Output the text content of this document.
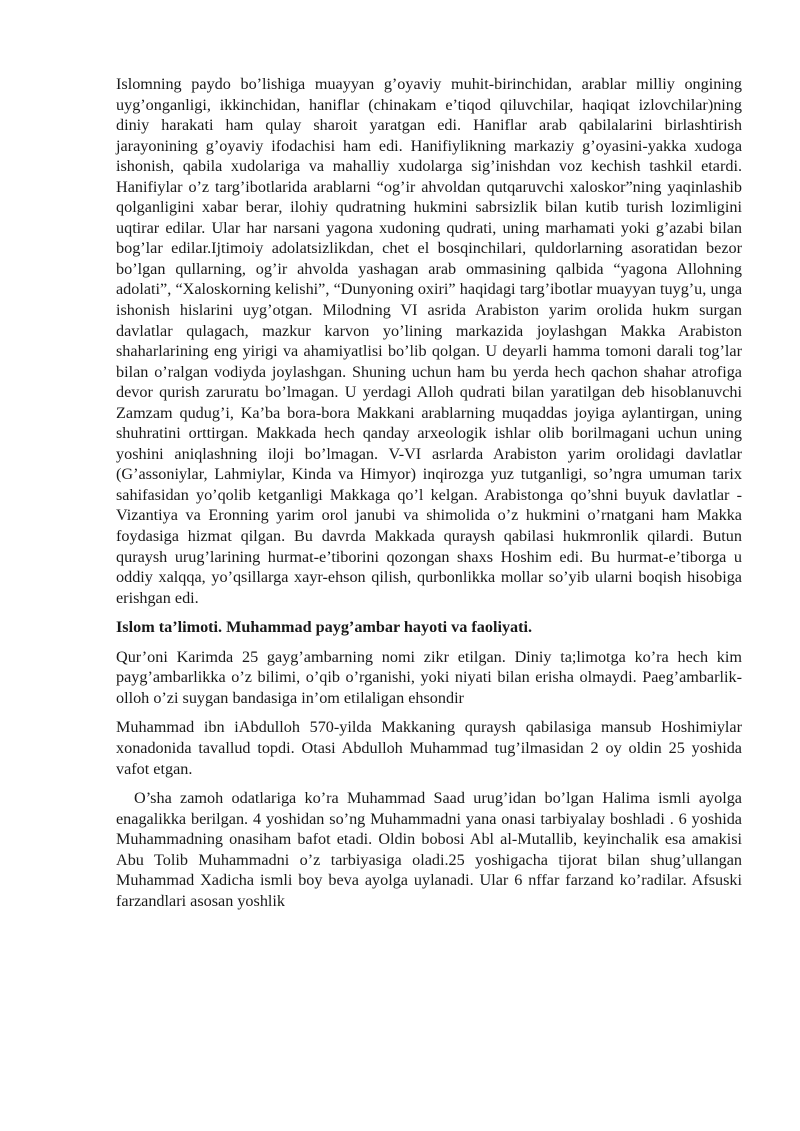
Islomning paydo bo’lishiga muayyan g’oyaviy muhit-birinchidan, arablar milliy ongining uyg’onganligi, ikkinchidan, haniflar (chinakam e’tiqod qiluvchilar, haqiqat izlovchilar)ning diniy harakati ham qulay sharoit yaratgan edi. Haniflar arab qabilalarini birlashtirish jarayonining g’oyaviy ifodachisi ham edi. Hanifiylikning markaziy g’oyasini-yakka xudoga ishonish, qabila xudolariga va mahalliy xudolarga sig’inishdan voz kechish tashkil etardi. Hanifiylar o’z targ’ibotlarida arablarni “og’ir ahvoldan qutqaruvchi xaloskor”ning yaqinlashib qolganligini xabar berar, ilohiy qudratning hukmini sabrsizlik bilan kutib turish lozimligini uqtirar edilar. Ular har narsani yagona xudoning qudrati, uning marhamati yoki g’azabi bilan bog’lar edilar.Ijtimoiy adolatsizlikdan, chet el bosqinchilari, quldorlarning asoratidan bezor bo’lgan qullarning, og’ir ahvolda yashagan arab ommasining qalbida “yagona Allohning adolati”, “Xaloskorning kelishi”, “Dunyoning oxiri” haqidagi targ’ibotlar muayyan tuyg’u, unga ishonish hislarini uyg’otgan. Milodning VI asrida Arabiston yarim orolida hukm surgan davlatlar qulagach, mazkur karvon yo’lining markazida joylashgan Makka Arabiston shaharlarining eng yirigi va ahamiyatlisi bo’lib qolgan. U deyarli hamma tomoni darali tog’lar bilan o’ralgan vodiyda joylashgan. Shuning uchun ham bu yerda hech qachon shahar atrofiga devor qurish zaruratu bo’lmagan. U yerdagi Alloh qudrati bilan yaratilgan deb hisoblanuvchi Zamzam qudug’i, Ka’ba bora-bora Makkani arablarning muqaddas joyiga aylantirgan, uning shuhratini orttirgan. Makkada hech qanday arxeologik ishlar olib borilmagani uchun uning yoshini aniqlashning iloji bo’lmagan. V-VI asrlarda Arabiston yarim orolidagi davlatlar (G’assoniylar, Lahmiylar, Kinda va Himyor) inqirozga yuz tutganligi, so’ngra umuman tarix sahifasidan yo’qolib ketganligi Makkaga qo’l kelgan. Arabistonga qo’shni buyuk davlatlar - Vizantiya va Eronning yarim orol janubi va shimolida o’z hukmini o’rnatgani ham Makka foydasiga hizmat qilgan. Bu davrda Makkada quraysh qabilasi hukmronlik qilardi. Butun quraysh urug’larining hurmat-e’tiborini qozongan shaxs Hoshim edi. Bu hurmat-e’tiborga u oddiy xalqqa, yo’qsillarga xayr-ehson qilish, qurbonlikka mollar so’yib ularni boqish hisobiga erishgan edi.

Islom ta’limoti. Muhammad payg’ambar hayoti va faoliyati.

Qur’oni Karimda 25 gayg’ambarning nomi zikr etilgan. Diniy ta;limotga ko’ra hech kim payg’ambarlikka o’z bilimi, o’qib o’rganishi, yoki niyati bilan erisha olmaydi. Paeg’ambarlik- olloh o’zi suygan bandasiga in’om etilaligan ehsondir

Muhammad ibn iAbdulloh 570-yilda Makkaning quraysh qabilasiga mansub Hoshimiylar xonadonida tavallud topdi. Otasi Abdulloh Muhammad tug’ilmasidan 2 oy oldin 25 yoshida vafot etgan.

O’sha zamoh odatlariga ko’ra Muhammad Saad urug’idan bo’lgan Halima ismli ayolga enagalikka berilgan. 4 yoshidan so’ng Muhammadni yana onasi tarbiyalay boshladi . 6 yoshida Muhammadning onasiham bafot etadi. Oldin bobosi Abl al-Mutallib, keyinchalik esa amakisi Abu Tolib Muhammadni o’z tarbiyasiga oladi.25 yoshigacha tijorat bilan shug’ullangan Muhammad Xadicha ismli boy beva ayolga uylanadi. Ular 6 nffar farzand ko’radilar. Afsuski farzandlari asosan yoshlik
